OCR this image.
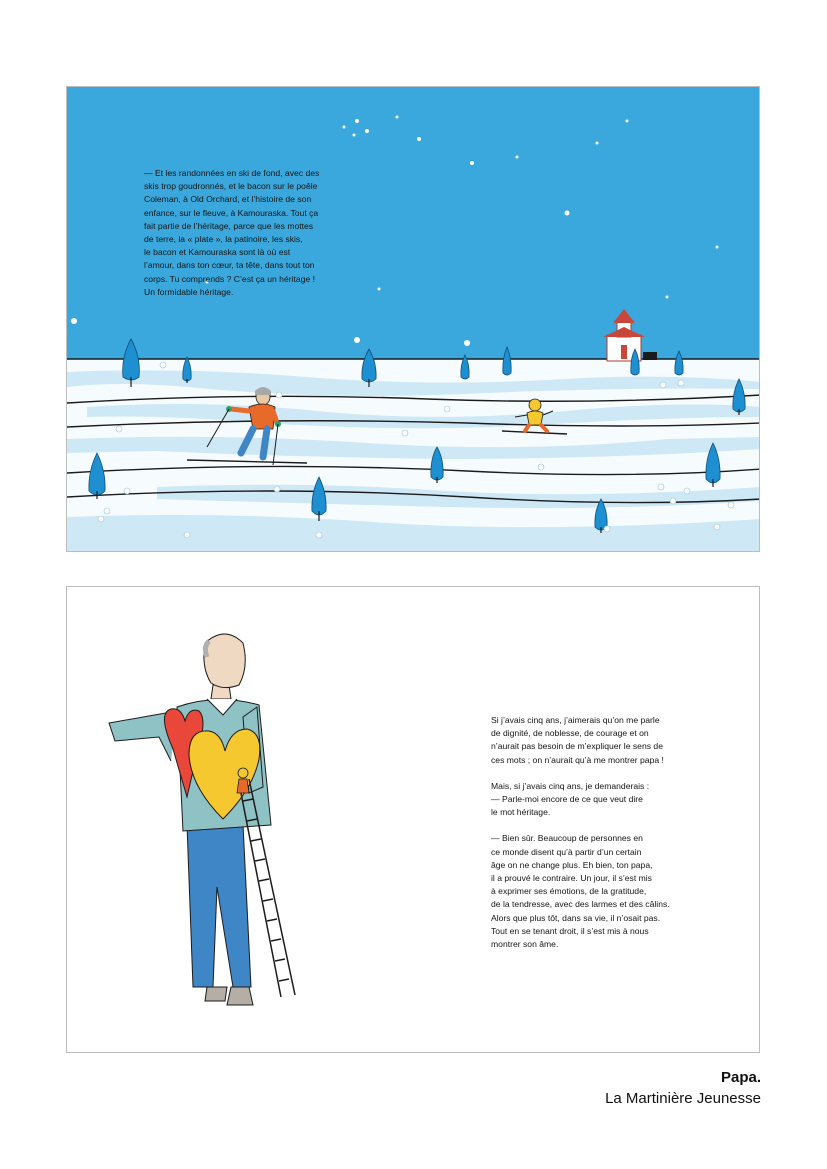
— Et les randonnées en ski de fond, avec des
skis trop goudronnés, et le bacon sur le poêle
Coleman, à Old Orchard, et l’histoire de son
enfance, sur le fleuve, à Kamouraska. Tout ça
fait partie de l’héritage, parce que les mottes
de terre, la « plate », la patinoire, les skis,
le bacon et Kamouraska sont là où est
l’amour, dans ton cœur, ta tête, dans tout ton
corps. Tu comprends ? C’est ça un héritage !
Un formidable héritage.

Si j’avais cinq ans, j’aimerais qu’on me parle
de dignité, de noblesse, de courage et on
n’aurait pas besoin de m’expliquer le sens de
ces mots ; on n’aurait qu’à me montrer papa !

Mais, si j’avais cinq ans, je demanderais :
— Parle-moi encore de ce que veut dire
le mot héritage.

— Bien sûr. Beaucoup de personnes en
ce monde disent qu’à partir d’un certain
âge on ne change plus. Eh bien, ton papa,
il a prouvé le contraire. Un jour, il s’est mis
à exprimer ses émotions, de la gratitude,
de la tendresse, avec des larmes et des câlins.
Alors que plus tôt, dans sa vie, il n’osait pas.
Tout en se tenant droit, il s’est mis à nous
montrer son âme.

Papa.

La Martinière Jeunesse
